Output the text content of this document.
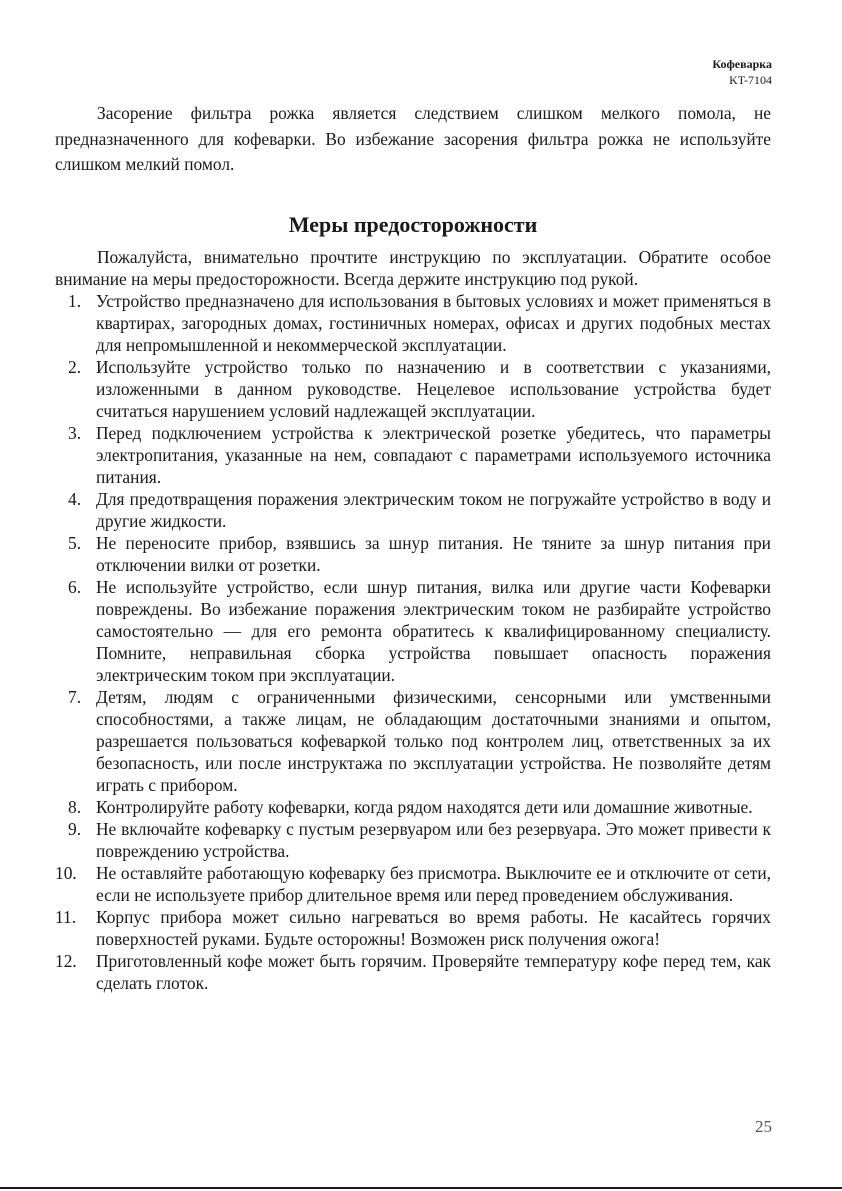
Кофеварка
KT-7104

Засорение фильтра рожка является следствием слишком мелкого помола, не предназначенного для кофеварки. Во избежание засорения фильтра рожка не используйте слишком мелкий помол.

Меры предосторожности

Пожалуйста, внимательно прочтите инструкцию по эксплуатации. Обратите особое внимание на меры предосторожности. Всегда держите инструкцию под рукой.

1. Устройство предназначено для использования в бытовых условиях и может применяться в квартирах, загородных домах, гостиничных номерах, офисах и других подобных местах для непромышленной и некоммерческой эксплуатации.
2. Используйте устройство только по назначению и в соответствии с указаниями, изложенными в данном руководстве. Нецелевое использование устройства будет считаться нарушением условий надлежащей эксплуатации.
3. Перед подключением устройства к электрической розетке убедитесь, что параметры электропитания, указанные на нем, совпадают с параметрами используемого источника питания.
4. Для предотвращения поражения электрическим током не погружайте устройство в воду и другие жидкости.
5. Не переносите прибор, взявшись за шнур питания. Не тяните за шнур питания при отключении вилки от розетки.
6. Не используйте устройство, если шнур питания, вилка или другие части Кофеварки повреждены. Во избежание поражения электрическим током не разбирайте устройство самостоятельно — для его ремонта обратитесь к квалифицированному специалисту. Помните, неправильная сборка устройства повышает опасность поражения электрическим током при эксплуатации.
7. Детям, людям с ограниченными физическими, сенсорными или умственными способностями, а также лицам, не обладающим достаточными знаниями и опытом, разрешается пользоваться кофеваркой только под контролем лиц, ответственных за их безопасность, или после инструктажа по эксплуатации устройства. Не позволяйте детям играть с прибором.
8. Контролируйте работу кофеварки, когда рядом находятся дети или домашние животные.
9. Не включайте кофеварку с пустым резервуаром или без резервуара. Это может привести к повреждению устройства.
10.	Не оставляйте работающую кофеварку без присмотра. Выключите ее и отключите от сети, если не используете прибор длительное время или перед проведением обслуживания.
11.	Корпус прибора может сильно нагреваться во время работы. Не касайтесь горячих поверхностей руками. Будьте осторожны! Возможен риск получения ожога!
12.	Приготовленный кофе может быть горячим. Проверяйте температуру кофе перед тем, как сделать глоток.
25
